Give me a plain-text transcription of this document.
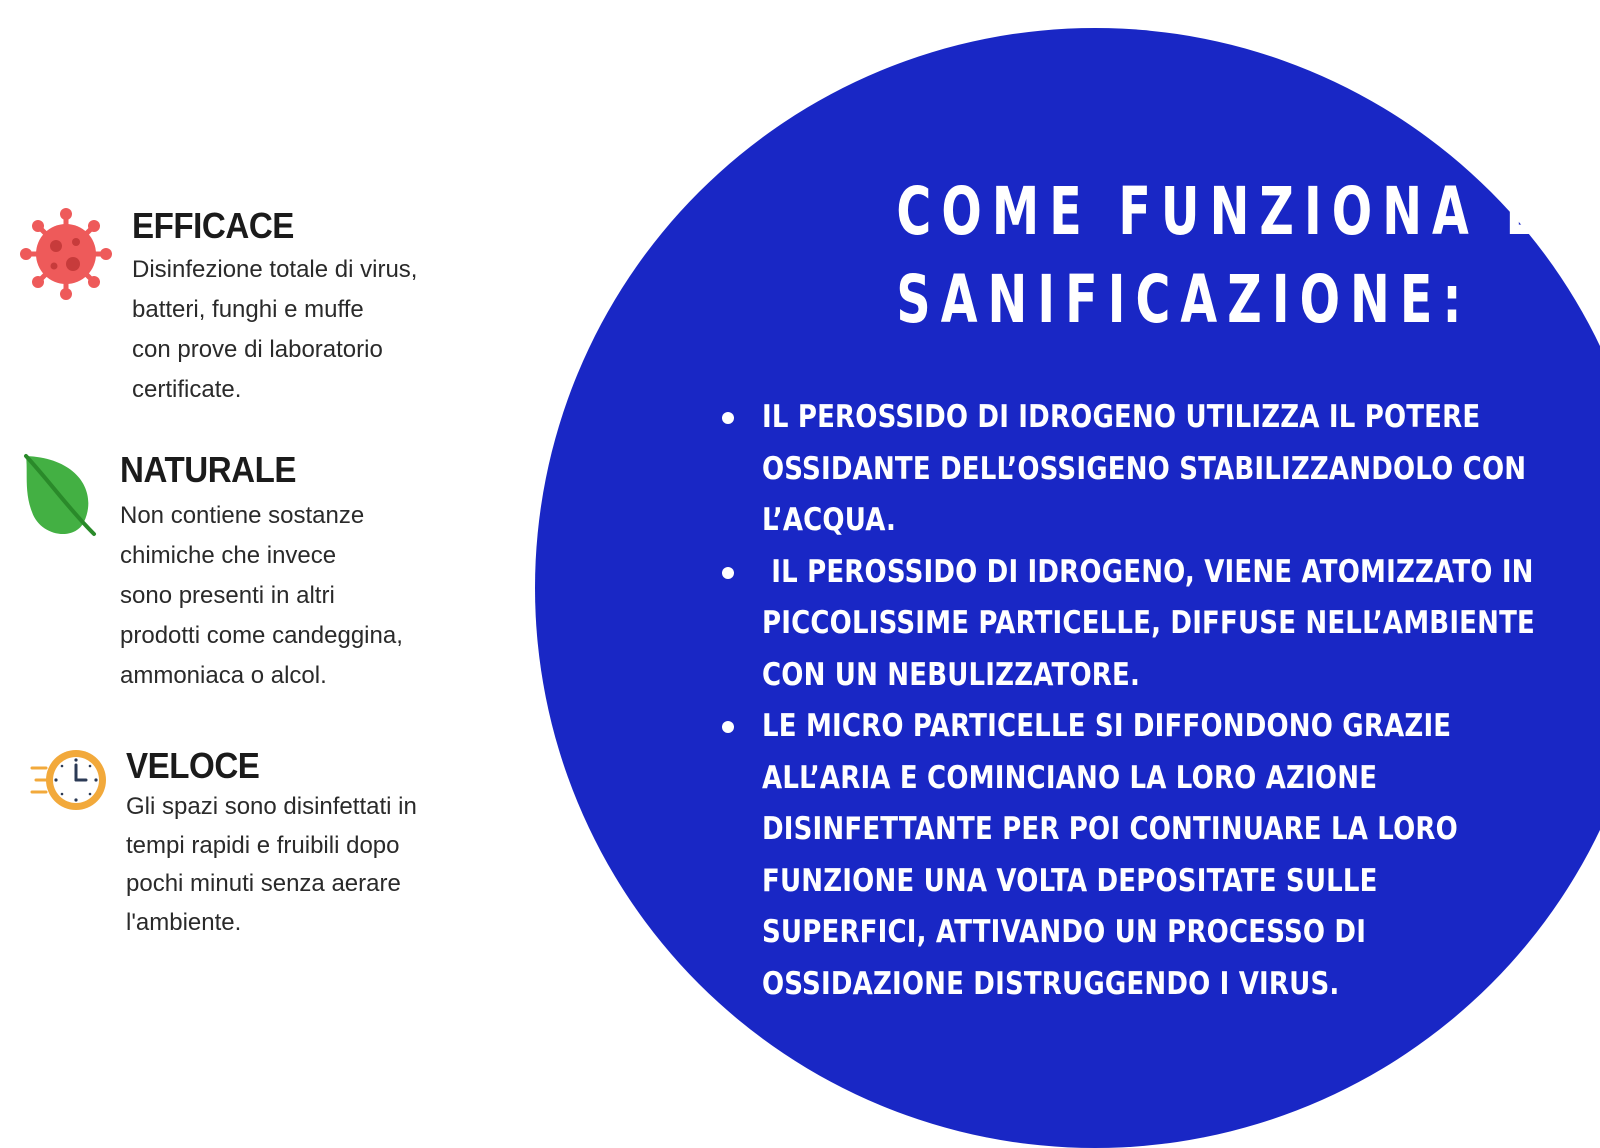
EFFICACE
Disinfezione totale di virus,
batteri, funghi e muffe
con prove di laboratorio
certificate.
NATURALE
Non contiene sostanze
chimiche che invece
sono presenti in altri
prodotti come candeggina,
ammoniaca o alcol.
VELOCE
Gli spazi sono disinfettati in
tempi rapidi e fruibili dopo
pochi minuti senza aerare
l'ambiente.
COME FUNZIONA LA
SANIFICAZIONE:
IL PEROSSIDO DI IDROGENO UTILIZZA IL POTERE
OSSIDANTE DELL’OSSIGENO STABILIZZANDOLO CON
L’ACQUA.
IL PEROSSIDO DI IDROGENO, VIENE ATOMIZZATO IN
PICCOLISSIME PARTICELLE, DIFFUSE NELL’AMBIENTE
CON UN NEBULIZZATORE.
LE MICRO PARTICELLE SI DIFFONDONO GRAZIE
ALL’ARIA E COMINCIANO LA LORO AZIONE
DISINFETTANTE PER POI CONTINUARE LA LORO
FUNZIONE UNA VOLTA DEPOSITATE SULLE
SUPERFICI, ATTIVANDO UN PROCESSO DI
OSSIDAZIONE DISTRUGGENDO I VIRUS.
